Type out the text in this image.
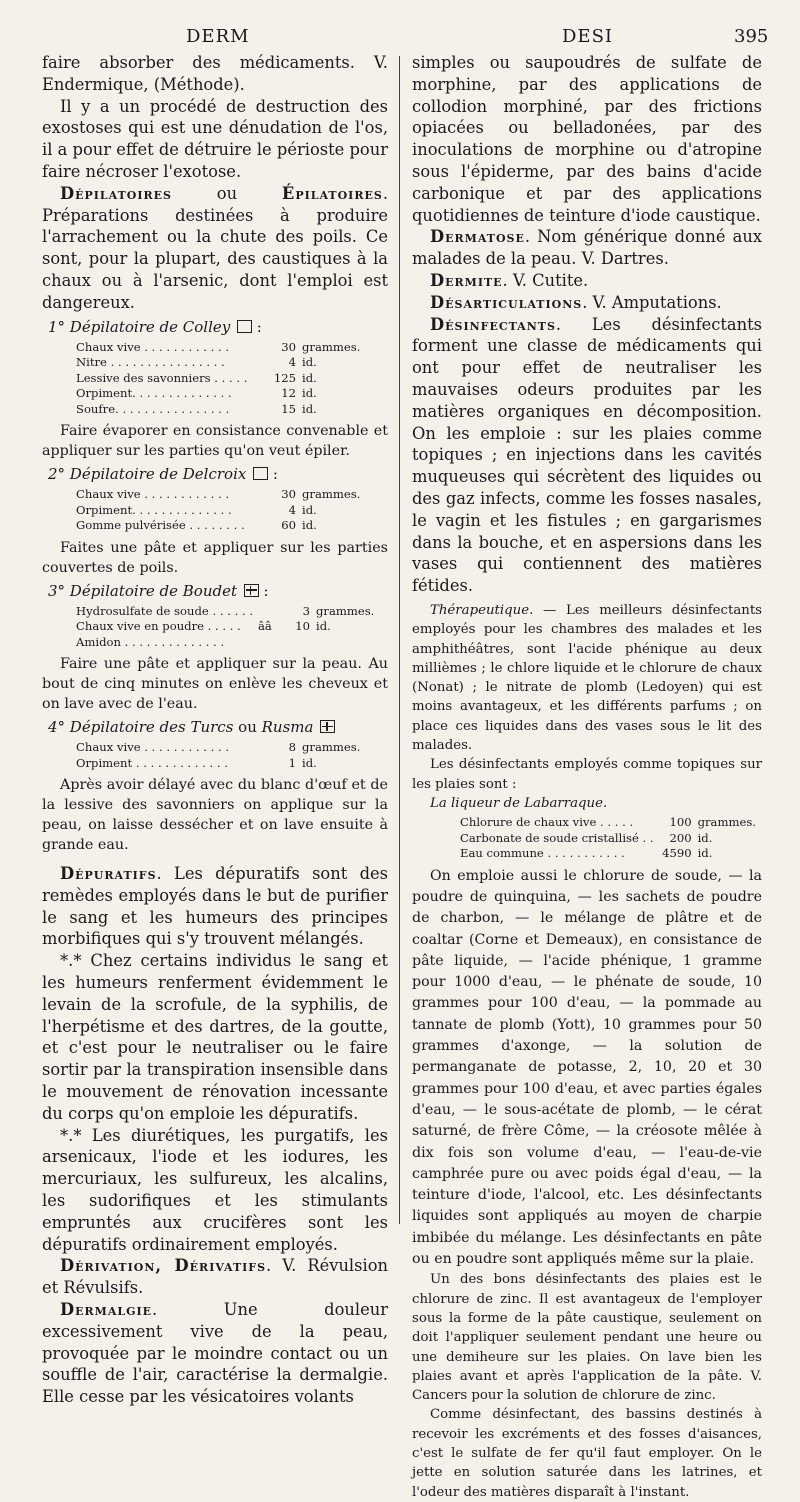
DERM	DESI	395

faire absorber des médicaments. V. Endermique, (Méthode).

Il y a un procédé de destruction des exostoses qui est une dénudation de l'os, il a pour effet de détruire le périoste pour faire nécroser l'exotose.

Dépilatoires ou Épilatoires. Préparations destinées à produire l'arrachement ou la chute des poils. Ce sont, pour la plupart, des caustiques à la chaux ou à l'arsenic, dont l'emploi est dangereux.

1° Dépilatoire de Colley  :
Chaux vive . . . . . . . . . . . .	30	grammes.
Nitre . . . . . . . . . . . . . . . .	4	id.
Lessive des savonniers . . . . .	125	id.
Orpiment. . . . . . . . . . . . . .	12	id.
Soufre. . . . . . . . . . . . . . . .	15	id.

Faire évaporer en consistance convenable et appliquer sur les parties qu'on veut épiler.

2° Dépilatoire de Delcroix  :
Chaux vive . . . . . . . . . . . .	30	grammes.
Orpiment. . . . . . . . . . . . . .	4	id.
Gomme pulvérisée . . . . . . . .	60	id.

Faites une pâte et appliquer sur les parties couvertes de poils.

3° Dépilatoire de Boudet ☒ :
Hydrosulfate de soude . . . . . .		3	grammes.
Chaux vive en poudre . . . . .	ââ	10	id.
Amidon . . . . . . . . . . . . . .			

Faire une pâte et appliquer sur la peau. Au bout de cinq minutes on enlève les cheveux et on lave avec de l'eau.

4° Dépilatoire des Turcs ou Rusma
Chaux vive . . . . . . . . . . . .	8	grammes.
Orpiment . . . . . . . . . . . . .	1	id.

Après avoir délayé avec du blanc d'œuf et de la lessive des savonniers on applique sur la peau, on laisse dessécher et on lave ensuite à grande eau.

Dépuratifs. Les dépuratifs sont des remèdes employés dans le but de purifier le sang et les humeurs des principes morbifiques qui s'y trouvent mélangés.

*.* Chez certains individus le sang et les humeurs renferment évidemment le levain de la scrofule, de la syphilis, de l'herpétisme et des dartres, de la goutte, et c'est pour le neutraliser ou le faire sortir par la transpiration insensible dans le mouvement de rénovation incessante du corps qu'on emploie les dépuratifs.

*.* Les diurétiques, les purgatifs, les arsenicaux, l'iode et les iodures, les mercuriaux, les sulfureux, les alcalins, les sudorifiques et les stimulants empruntés aux crucifères sont les dépuratifs ordinairement employés.

Dérivation, Dérivatifs. V. Révulsion et Révulsifs.

Dermalgie. Une douleur excessivement vive de la peau, provoquée par le moindre contact ou un souffle de l'air, caractérise la dermalgie. Elle cesse par les vésicatoires volants

simples ou saupoudrés de sulfate de morphine, par des applications de collodion morphiné, par des frictions opiacées ou belladonées, par des inoculations de morphine ou d'atropine sous l'épiderme, par des bains d'acide carbonique et par des applications quotidiennes de teinture d'iode caustique.

Dermatose. Nom générique donné aux malades de la peau. V. Dartres.

Dermite. V. Cutite.

Désarticulations. V. Amputations.

Désinfectants. Les désinfectants forment une classe de médicaments qui ont pour effet de neutraliser les mauvaises odeurs produites par les matières organiques en décomposition. On les emploie : sur les plaies comme topiques ; en injections dans les cavités muqueuses qui sécrètent des liquides ou des gaz infects, comme les fosses nasales, le vagin et les fistules ; en gargarismes dans la bouche, et en aspersions dans les vases qui contiennent des matières fétides.

Thérapeutique. — Les meilleurs désinfectants employés pour les chambres des malades et les amphithéâtres, sont l'acide phénique au deux millièmes ; le chlore liquide et le chlorure de chaux (Nonat) ; le nitrate de plomb (Ledoyen) qui est moins avantageux, et les différents parfums ; on place ces liquides dans des vases sous le lit des malades.

Les désinfectants employés comme topiques sur les plaies sont :

La liqueur de Labarraque.

Chlorure de chaux vive . . . . .	100	grammes.
Carbonate de soude cristallisé . .	200	id.
Eau commune . . . . . . . . . . .	4590	id.

On emploie aussi le chlorure de soude, — la poudre de quinquina, — les sachets de poudre de charbon, — le mélange de plâtre et de coaltar (Corne et Demeaux), en consistance de pâte liquide, — l'acide phénique, 1 gramme pour 1000 d'eau, — le phénate de soude, 10 grammes pour 100 d'eau, — la pommade au tannate de plomb (Yott), 10 grammes pour 50 grammes d'axonge, — la solution de permanganate de potasse, 2, 10, 20 et 30 grammes pour 100 d'eau, et avec parties égales d'eau, — le sous-acétate de plomb, — le cérat saturné, de frère Côme, — la créosote mêlée à dix fois son volume d'eau, — l'eau-de-vie camphrée pure ou avec poids égal d'eau, — la teinture d'iode, l'alcool, etc. Les désinfectants liquides sont appliqués au moyen de charpie imbibée du mélange. Les désinfectants en pâte ou en poudre sont appliqués même sur la plaie.

Un des bons désinfectants des plaies est le chlorure de zinc. Il est avantageux de l'employer sous la forme de la pâte caustique, seulement on doit l'appliquer seulement pendant une heure ou une demiheure sur les plaies. On lave bien les plaies avant et après l'application de la pâte. V. Cancers pour la solution de chlorure de zinc.

Comme désinfectant, des bassins destinés à recevoir les excréments et des fosses d'aisances, c'est le sulfate de fer qu'il faut employer. On le jette en solution saturée dans les latrines, et l'odeur des matières disparaît à l'instant.
